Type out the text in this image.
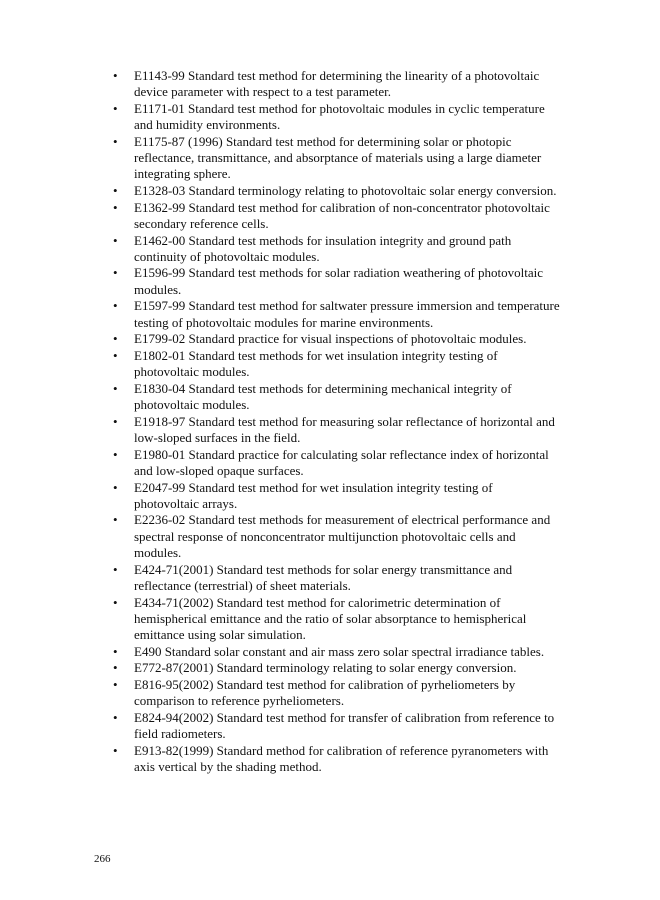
• E1143-99 Standard test method for determining the linearity of a photovoltaic device parameter with respect to a test parameter.
• E1171-01 Standard test method for photovoltaic modules in cyclic temperature and humidity environments.
• E1175-87 (1996) Standard test method for determining solar or photopic reflectance, transmittance, and absorptance of materials using a large diameter integrating sphere.
• E1328-03 Standard terminology relating to photovoltaic solar energy conversion.
• E1362-99 Standard test method for calibration of non-concentrator photovoltaic secondary reference cells.
• E1462-00 Standard test methods for insulation integrity and ground path continuity of photovoltaic modules.
• E1596-99 Standard test methods for solar radiation weathering of photovoltaic modules.
• E1597-99 Standard test method for saltwater pressure immersion and temperature testing of photovoltaic modules for marine environments.
• E1799-02 Standard practice for visual inspections of photovoltaic modules.
• E1802-01 Standard test methods for wet insulation integrity testing of photovoltaic modules.
• E1830-04 Standard test methods for determining mechanical integrity of photovoltaic modules.
• E1918-97 Standard test method for measuring solar reflectance of horizontal and low-sloped surfaces in the field.
• E1980-01 Standard practice for calculating solar reflectance index of horizontal and low-sloped opaque surfaces.
• E2047-99 Standard test method for wet insulation integrity testing of photovoltaic arrays.
• E2236-02 Standard test methods for measurement of electrical performance and spectral response of nonconcentrator multijunction photovoltaic cells and modules.
• E424-71(2001) Standard test methods for solar energy transmittance and reflectance (terrestrial) of sheet materials.
• E434-71(2002) Standard test method for calorimetric determination of hemispherical emittance and the ratio of solar absorptance to hemispherical emittance using solar simulation.
• E490 Standard solar constant and air mass zero solar spectral irradiance tables.
• E772-87(2001) Standard terminology relating to solar energy conversion.
• E816-95(2002) Standard test method for calibration of pyrheliometers by comparison to reference pyrheliometers.
• E824-94(2002) Standard test method for transfer of calibration from reference to field radiometers.
• E913-82(1999) Standard method for calibration of reference pyranometers with axis vertical by the shading method.
266
